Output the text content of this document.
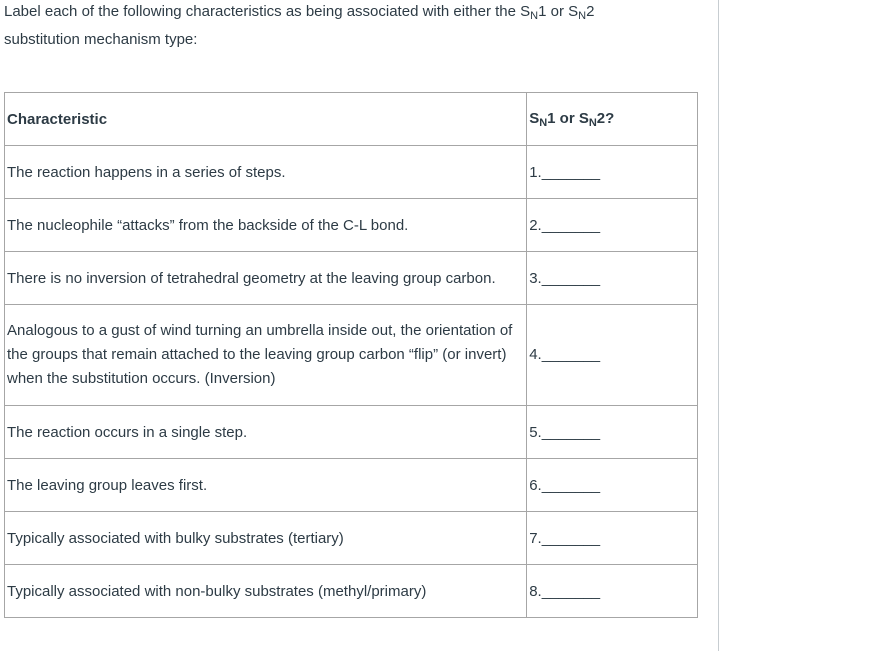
Label each of the following characteristics as being associated with either the $S_N1$ or $S_N2$
substitution mechanism type:
Characteristic	$S_N1$ or $S_N2$?
The reaction happens in a series of steps.	1._______
The nucleophile “attacks” from the backside of the C-L bond.	2._______
There is no inversion of tetrahedral geometry at the leaving group carbon.	3._______
Analogous to a gust of wind turning an umbrella inside out, the orientation of the groups that remain attached to the leaving group carbon “flip” (or invert) when the substitution occurs. (Inversion)	4._______
The reaction occurs in a single step.	5._______
The leaving group leaves first.	6._______
Typically associated with bulky substrates (tertiary)	7._______
Typically associated with non-bulky substrates (methyl/primary)	8._______
